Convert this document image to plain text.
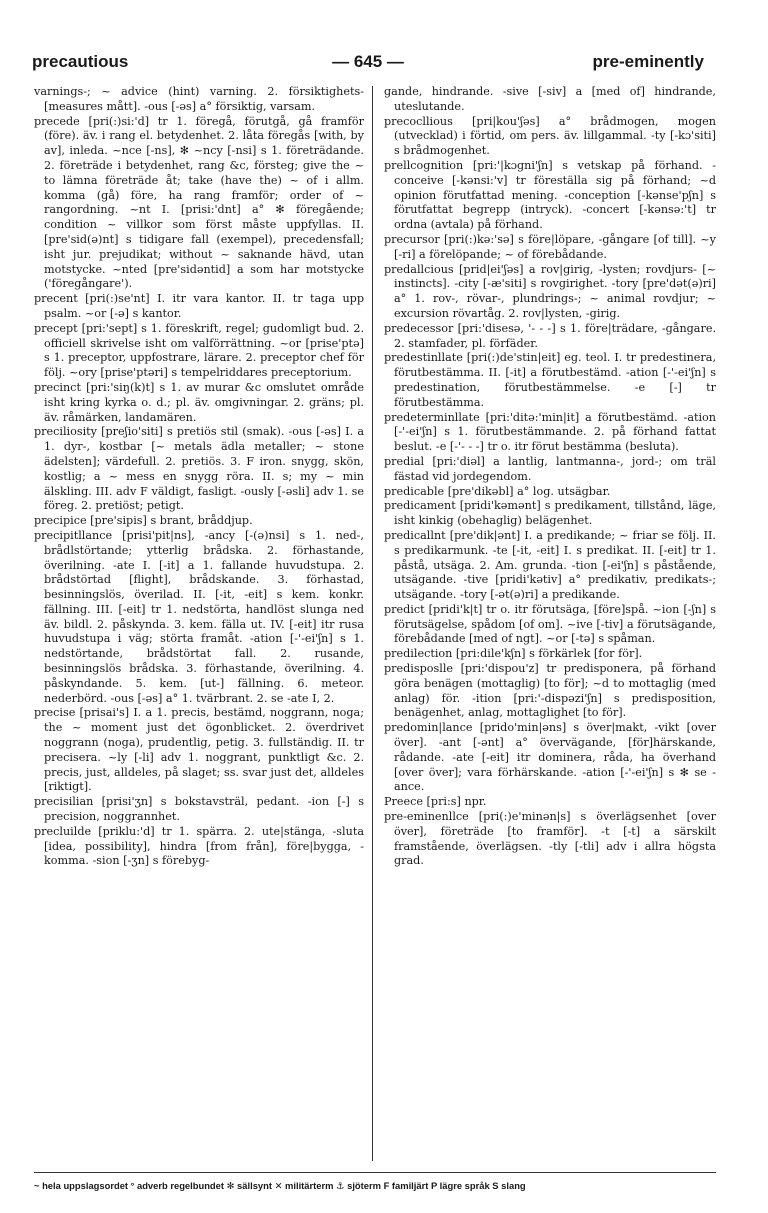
precautious	— 645 —	pre-eminently

varnings-; ~ advice (hint) varning. 2. försiktighets- [measures mått]. -ous [-əs] a° försiktig, varsam.

precede [pri(:)si:'d] tr 1. föregå, förutgå, gå framför (före). äv. i rang el. betydenhet. 2. låta föregås [with, by av], inleda. ~nce [-ns], ✻ ~ncy [-nsi] s 1. företrädande. 2. företräde i betydenhet, rang &c, försteg; give the ~ to lämna företräde åt; take (have the) ~ of i allm. komma (gå) före, ha rang framför; order of ~ rangordning. ~nt I. [prisi:'dnt] a° ✻ föregående; condition ~ villkor som först måste uppfyllas. II. [pre'sid(ə)nt] s tidigare fall (exempel), precedensfall; isht jur. prejudikat; without ~ saknande hävd, utan motstycke. ~nted [pre'sidəntid] a som har motstycke ('föregångare').

precent [pri(:)se'nt] I. itr vara kantor. II. tr taga upp psalm. ~or [-ə] s kantor.

precept [pri:'sept] s 1. föreskrift, regel; gudomligt bud. 2. officiell skrivelse isht om valförrättning. ~or [prise'ptə] s 1. preceptor, uppfostrare, lärare. 2. preceptor chef för följ. ~ory [prise'ptəri] s tempelriddares preceptorium.

precinct [pri:'siŋ(k)t] s 1. av murar &c omslutet område isht kring kyrka o. d.; pl. äv. omgivningar. 2. gräns; pl. äv. råmärken, landamären.

preciliosity [preʃio'siti] s pretiös stil (smak). -ous [-əs] I. a 1. dyr-, kostbar [~ metals ädla metaller; ~ stone ädelsten]; värdefull. 2. pretiös. 3. F iron. snygg, skön, kostlig; a ~ mess en snygg röra. II. s; my ~ min älskling. III. adv F väldigt, fasligt. -ously [-əsli] adv 1. se föreg. 2. pretiöst; petigt.

precipice [pre'sipis] s brant, bråddjup.

precipitllance [prisi'pit|ns], -ancy [-(ə)nsi] s 1. ned-, brådlstörtande; ytterlig brådska. 2. förhastande, överilning. -ate I. [-it] a 1. fallande huvudstupa. 2. brådstörtad [flight], brådskande. 3. förhastad, besinningslös, överilad. II. [-it, -eit] s kem. konkr. fällning. III. [-eit] tr 1. nedstörta, handlöst slunga ned äv. bildl. 2. påskynda. 3. kem. fälla ut. IV. [-eit] itr rusa huvudstupa i väg; störta framåt. -ation [-'-ei'ʃn] s 1. nedstörtande, brådstörtat fall. 2. rusande, besinningslös brådska. 3. förhastande, överilning. 4. påskyndande. 5. kem. [ut-] fällning. 6. meteor. nederbörd. -ous [-əs] a° 1. tvärbrant. 2. se -ate I, 2.

precise [prisai's] I. a 1. precis, bestämd, noggrann, noga; the ~ moment just det ögonblicket. 2. överdrivet noggrann (noga), prudentlig, petig. 3. fullständig. II. tr precisera. ~ly [-li] adv 1. noggrant, punktligt &c. 2. precis, just, alldeles, på slaget; ss. svar just det, alldeles [riktigt].

precisilian [prisi'ʒn] s bokstavsträl, pedant. -ion [-] s precision, noggrannhet.

precluilde [priklu:'d] tr 1. spärra. 2. ute|stänga, -sluta [idea, possibility], hindra [from från], före|bygga, -komma. -sion [-ʒn] s förebyg-

gande, hindrande. -sive [-siv] a [med of] hindrande, uteslutande.

precocllious [pri|kou'ʃəs] a° brådmogen, mogen (utvecklad) i förtid, om pers. äv. lillgammal. -ty [-kɔ'siti] s brådmogenhet.

prellcognition [pri:'|kɔgni'ʃn] s vetskap på förhand. -conceive [-kənsi:'v] tr föreställa sig på förhand; ~d opinion förutfattad mening. -conception [-kənse'pʃn] s förutfattat begrepp (intryck). -concert [-kənsə:'t] tr ordna (avtala) på förhand.

precursor [pri(:)kə:'sə] s före|löpare, -gångare [of till]. ~y [-ri] a förelöpande; ~ of förebådande.

predallcious [prid|ei'ʃəs] a rov|girig, -lysten; rovdjurs- [~ instincts]. -city [-æ'siti] s rovgirighet. -tory [pre'dət(ə)ri] a° 1. rov-, rövar-, plundrings-; ~ animal rovdjur; ~ excursion rövartåg. 2. rov|lysten, -girig.

predecessor [pri:'disesə, '- - -] s 1. före|trädare, -gångare. 2. stamfader, pl. förfäder.

predestinllate [pri(:)de'stin|eit] eg. teol. I. tr predestinera, förutbestämma. II. [-it] a förutbestämd. -ation [-'-ei'ʃn] s predestination, förutbestämmelse. -e [-] tr förutbestämma.

predeterminllate [pri:'ditə:'min|it] a förutbestämd. -ation [-'-ei'ʃn] s 1. förutbestämmande. 2. på förhand fattat beslut. -e [-'- - -] tr o. itr förut bestämma (besluta).

predial [pri:'diəl] a lantlig, lantmanna-, jord-; om träl fästad vid jordegendom.

predicable [pre'dikəbl] a° log. utsägbar.

predicament [pridi'kəmənt] s predikament, tillstånd, läge, isht kinkig (obehaglig) belägenhet.

predicallnt [pre'dik|ənt] I. a predikande; ~ friar se följ. II. s predikarmunk. -te [-it, -eit] I. s predikat. II. [-eit] tr 1. påstå, utsäga. 2. Am. grunda. -tion [-ei'ʃn] s påstående, utsägande. -tive [pridi'kətiv] a° predikativ, predikats-; utsägande. -tory [-ət(ə)ri] a predikande.

predict [pridi'k|t] tr o. itr förutsäga, [före]spå. ~ion [-ʃn] s förutsägelse, spådom [of om]. ~ive [-tiv] a förutsägande, förebådande [med of ngt]. ~or [-tə] s spåman.

predilection [pri:dile'kʃn] s förkärlek [for för].

predisposlle [pri:'dispou'z] tr predisponera, på förhand göra benägen (mottaglig) [to för]; ~d to mottaglig (med anlag) för. -ition [pri:'-dispəzi'ʃn] s predisposition, benägenhet, anlag, mottaglighet [to för].

predomin|lance [prido'min|əns] s över|makt, -vikt [over över]. -ant [-ənt] a° övervägande, [för]härskande, rådande. -ate [-eit] itr dominera, råda, ha överhand [over över]; vara förhärskande. -ation [-'-ei'ʃn] s ✻ se -ance.

Preece [pri:s] npr.

pre-eminenllce [pri(:)e'minən|s] s överlägsenhet [over över], företräde [to framför]. -t [-t] a särskilt framstående, överlägsen. -tly [-tli] adv i allra högsta grad.

~ hela uppslagsordet ° adverb regelbundet ✻ sällsynt ✕ militärterm ⚓ sjöterm F familjärt P lägre språk S slang
